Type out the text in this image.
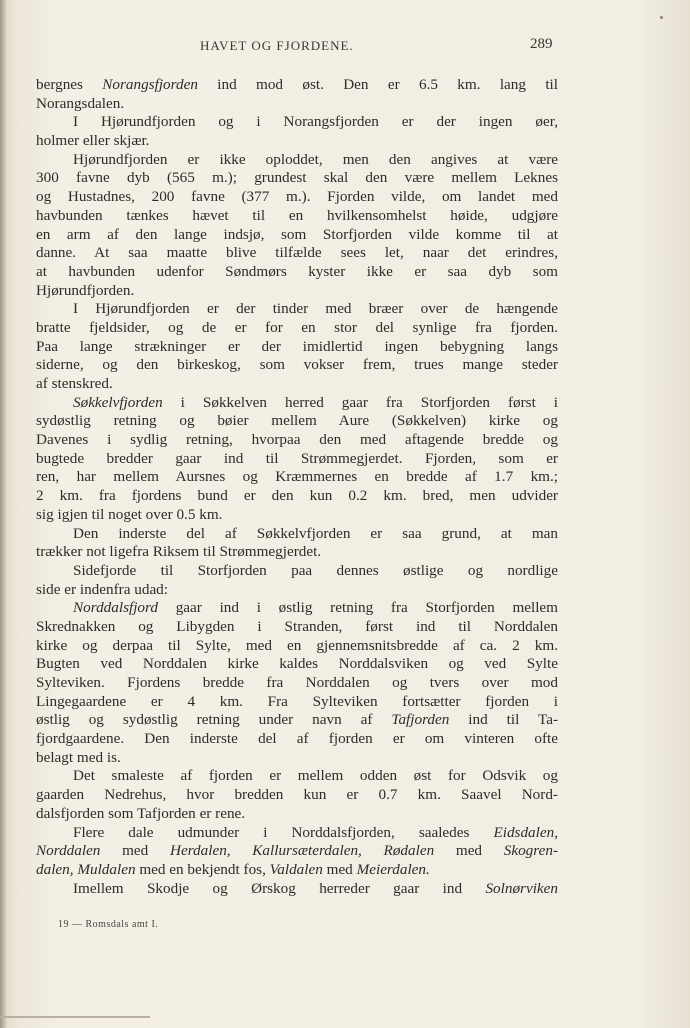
HAVET OG FJORDENE.	289
bergnes Norangsfjorden ind mod øst. Den er 6.5 km. lang til
Norangsdalen.
I Hjørundfjorden og i Norangsfjorden er der ingen øer,
holmer eller skjær.
Hjørundfjorden er ikke oploddet, men den angives at være
300 favne dyb (565 m.); grundest skal den være mellem Leknes
og Hustadnes, 200 favne (377 m.). Fjorden vilde, om landet med
havbunden tænkes hævet til en hvilkensomhelst høide, udgjøre
en arm af den lange indsjø, som Storfjorden vilde komme til at
danne. At saa maatte blive tilfælde sees let, naar det erindres,
at havbunden udenfor Søndmørs kyster ikke er saa dyb som
Hjørundfjorden.
I Hjørundfjorden er der tinder med bræer over de hængende
bratte fjeldsider, og de er for en stor del synlige fra fjorden.
Paa lange strækninger er der imidlertid ingen bebygning langs
siderne, og den birkeskog, som vokser frem, trues mange steder
af stenskred.
Søkkelvfjorden i Søkkelven herred gaar fra Storfjorden først i
sydøstlig retning og bøier mellem Aure (Søkkelven) kirke og
Davenes i sydlig retning, hvorpaa den med aftagende bredde og
bugtede bredder gaar ind til Strømmegjerdet. Fjorden, som er
ren, har mellem Aursnes og Kræmmernes en bredde af 1.7 km.;
2 km. fra fjordens bund er den kun 0.2 km. bred, men udvider
sig igjen til noget over 0.5 km.
Den inderste del af Søkkelvfjorden er saa grund, at man
trækker not ligefra Riksem til Strømmegjerdet.
Sidefjorde til Storfjorden paa dennes østlige og nordlige
side er indenfra udad:
Norddalsfjord gaar ind i østlig retning fra Storfjorden mellem
Skrednakken og Libygden i Stranden, først ind til Norddalen
kirke og derpaa til Sylte, med en gjennemsnitsbredde af ca. 2 km.
Bugten ved Norddalen kirke kaldes Norddalsviken og ved Sylte
Sylteviken. Fjordens bredde fra Norddalen og tvers over mod
Lingegaardene er 4 km. Fra Sylteviken fortsætter fjorden i
østlig og sydøstlig retning under navn af Tafjorden ind til Ta-
fjordgaardene. Den inderste del af fjorden er om vinteren ofte
belagt med is.
Det smaleste af fjorden er mellem odden øst for Odsvik og
gaarden Nedrehus, hvor bredden kun er 0.7 km. Saavel Nord-
dalsfjorden som Tafjorden er rene.
Flere dale udmunder i Norddalsfjorden, saaledes Eidsdalen,
Norddalen med Herdalen, Kallursæterdalen, Rødalen med Skogren-
dalen, Muldalen med en bekjendt fos, Valdalen med Meierdalen.
Imellem Skodje og Ørskog herreder gaar ind Solnørviken
19 — Romsdals amt I.
